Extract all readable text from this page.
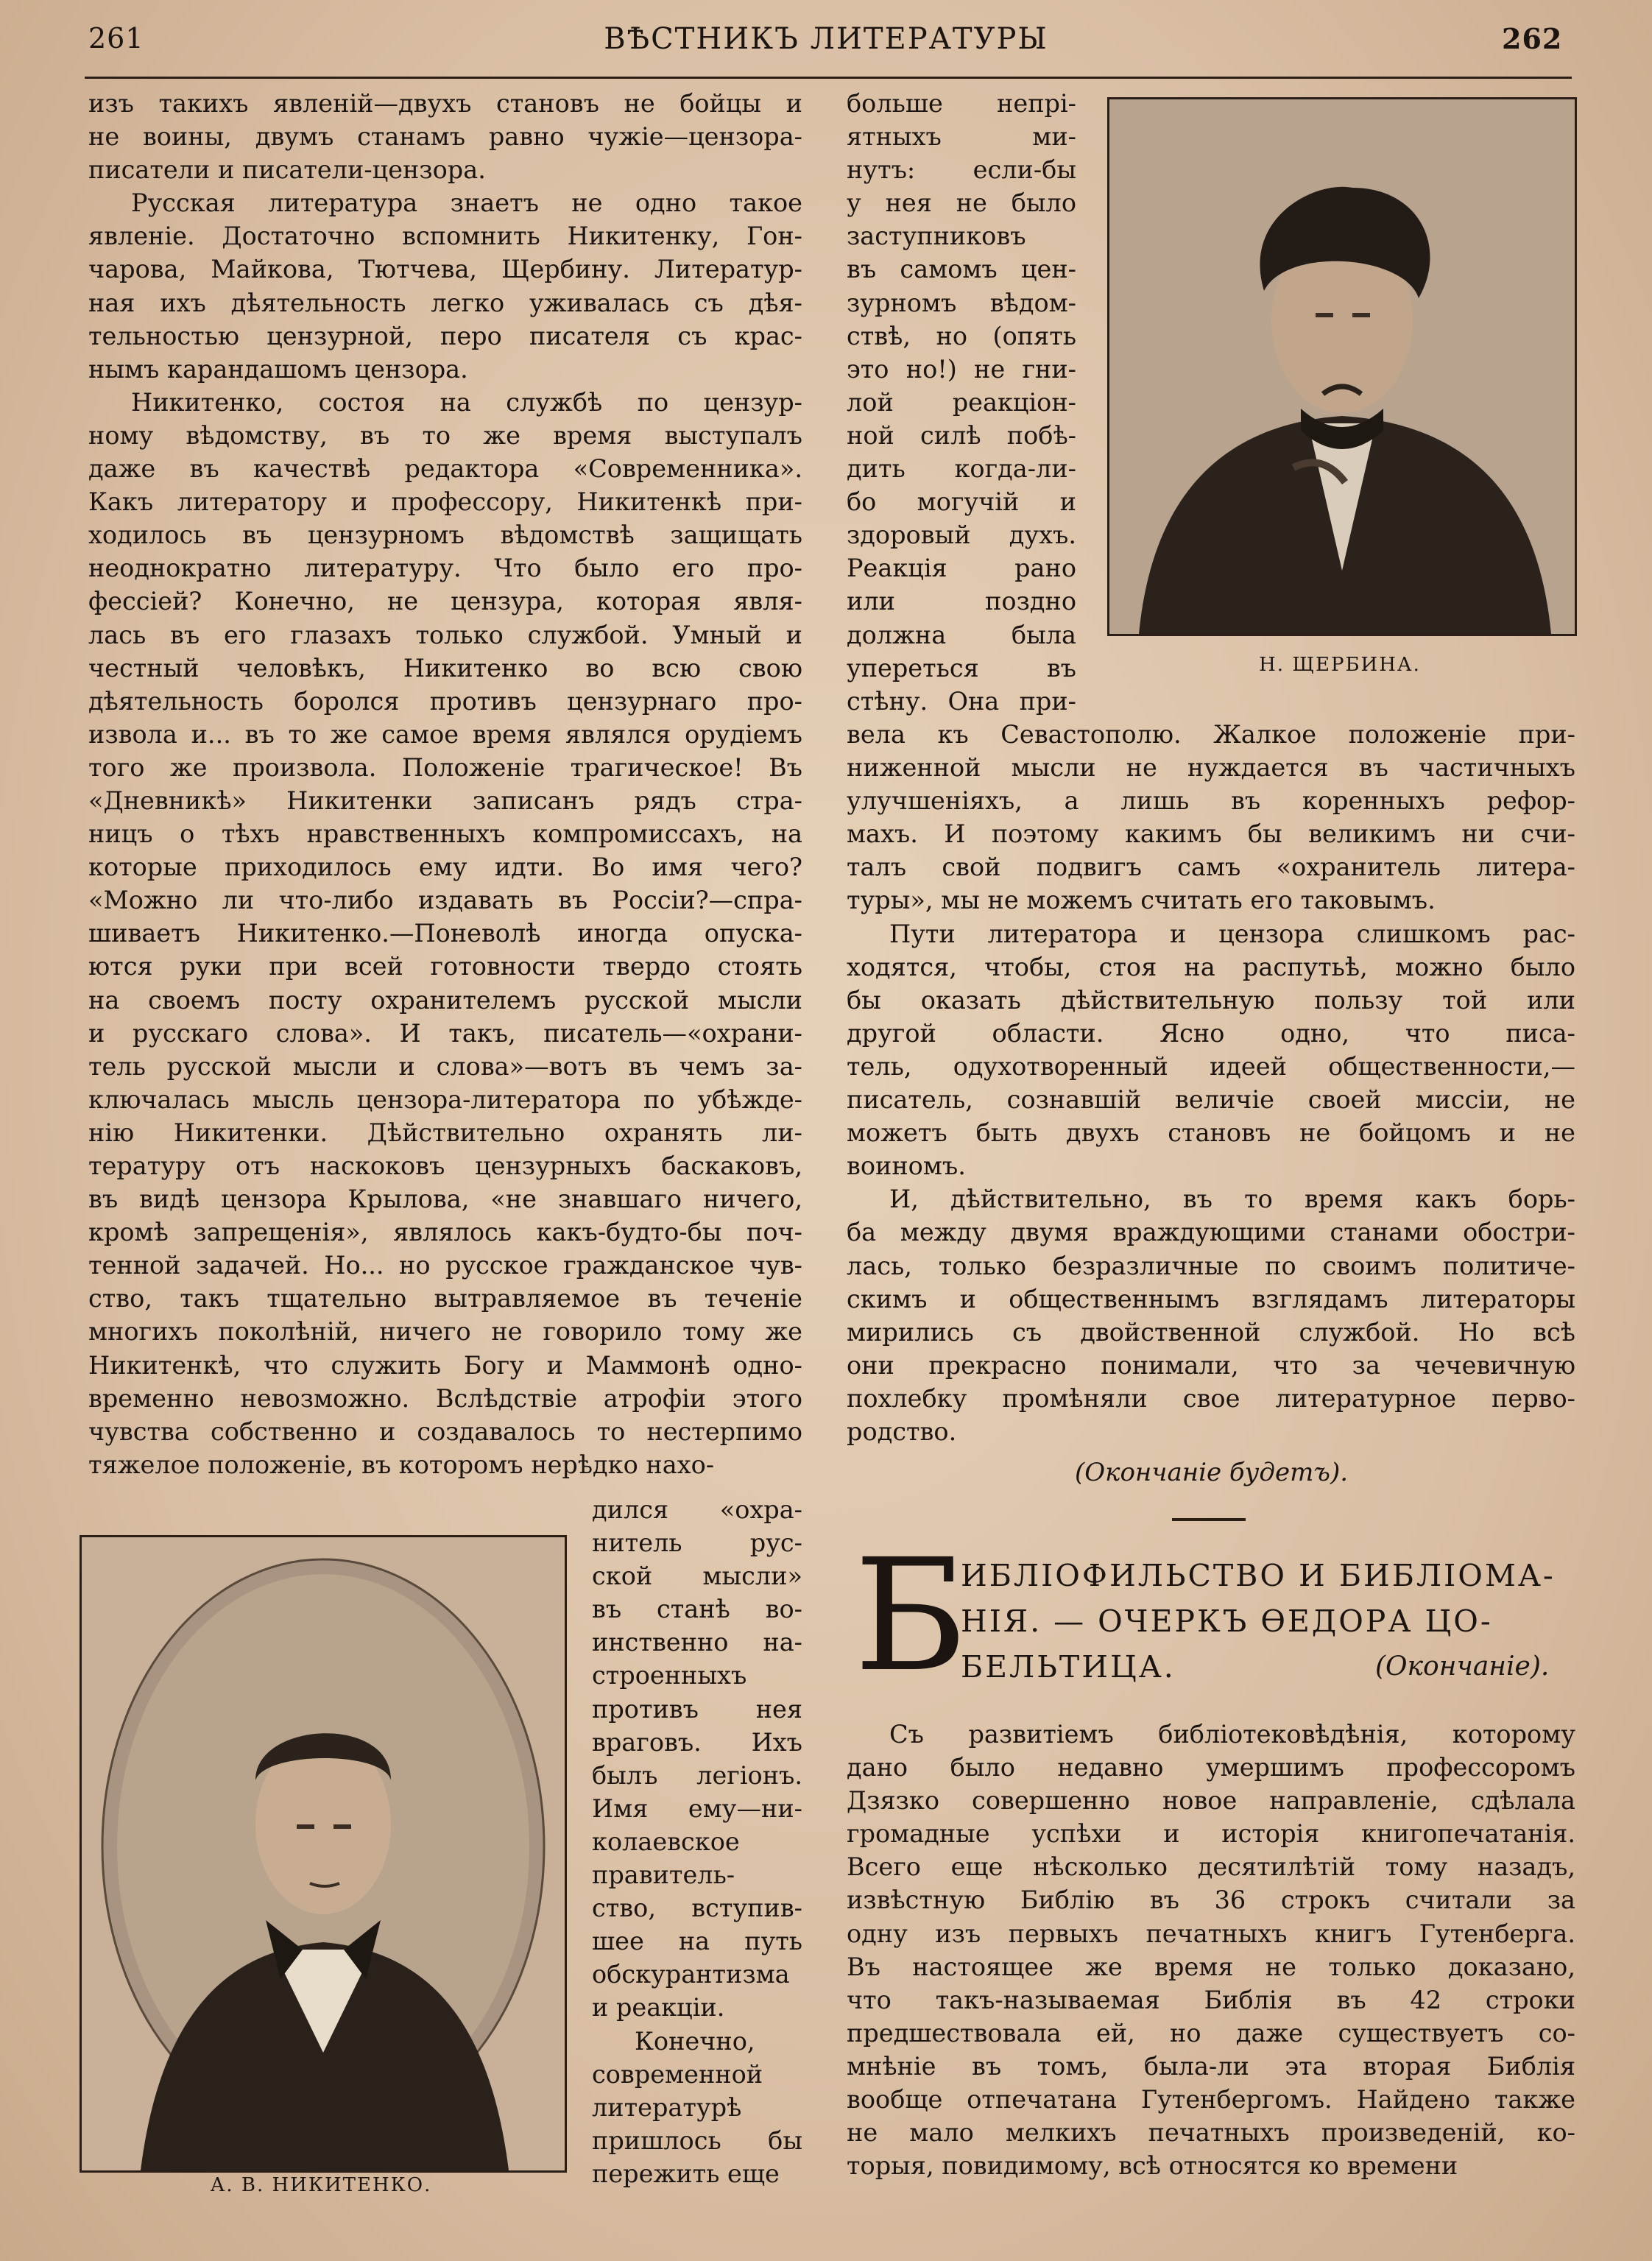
261	ВѢСТНИКЪ ЛИТЕРАТУРЫ	262
изъ такихъ явленій—двухъ становъ не бойцы и
не воины, двумъ станамъ равно чужіе—цензора-
писатели и писатели-цензора.
Русская литература знаетъ не одно такое
явленіе. Достаточно вспомнить Никитенку, Гон-
чарова, Майкова, Тютчева, Щербину. Литератур-
ная ихъ дѣятельность легко уживалась съ дѣя-
тельностью цензурной, перо писателя съ крас-
нымъ карандашомъ цензора.
Никитенко, состоя на службѣ по цензур-
ному вѣдомству, въ то же время выступалъ
даже въ качествѣ редактора «Современника».
Какъ литератору и профессору, Никитенкѣ при-
ходилось въ цензурномъ вѣдомствѣ защищать
неоднократно литературу. Что было его про-
фессіей? Конечно, не цензура, которая явля-
лась въ его глазахъ только службой. Умный и
честный человѣкъ, Никитенко во всю свою
дѣятельность боролся противъ цензурнаго про-
извола и... въ то же самое время являлся орудіемъ
того же произвола. Положеніе трагическое! Въ
«Дневникѣ» Никитенки записанъ рядъ стра-
ницъ о тѣхъ нравственныхъ компромиссахъ, на
которые приходилось ему идти. Во имя чего?
«Можно ли что-либо издавать въ Россіи?—спра-
шиваетъ Никитенко.—Поневолѣ иногда опуска-
ются руки при всей готовности твердо стоять
на своемъ посту охранителемъ русской мысли
и русскаго слова». И такъ, писатель—«охрани-
тель русской мысли и слова»—вотъ въ чемъ за-
ключалась мысль цензора-литератора по убѣжде-
нію Никитенки. Дѣйствительно охранять ли-
тературу отъ наскоковъ цензурныхъ баскаковъ,
въ видѣ цензора Крылова, «не знавшаго ничего,
кромѣ запрещенія», являлось какъ-будто-бы поч-
тенной задачей. Но... но русское гражданское чув-
ство, такъ тщательно вытравляемое въ теченіе
многихъ поколѣній, ничего не говорило тому же
Никитенкѣ, что служить Богу и Маммонѣ одно-
временно невозможно. Вслѣдствіе атрофіи этого
чувства собственно и создавалось то нестерпимо
тяжелое положеніе, въ которомъ нерѣдко нахо-
дился «охра-
нитель рус-
ской мысли»
въ станѣ во-
инственно на-
строенныхъ
противъ нея
враговъ. Ихъ
былъ легіонъ.
Имя ему—ни-
колаевское
правитель-
ство, вступив-
шее на путь
обскурантизма
и реакціи.
Конечно,
современной
литературѣ
пришлось бы
пережить еще
А. В. НИКИТЕНКО.
больше непрі-
ятныхъ ми-
нутъ: если-бы
у нея не было
заступниковъ
въ самомъ цен-
зурномъ вѣдом-
ствѣ, но (опять
это но!) не гни-
лой реакціон-
ной силѣ побѣ-
дить когда-ли-
бо могучій и
здоровый духъ.
Реакція рано
или поздно
должна была
упереться въ
стѣну. Она при-
Н. ЩЕРБИНА.
вела къ Севастополю. Жалкое положеніе при-
ниженной мысли не нуждается въ частичныхъ
улучшеніяхъ, а лишь въ коренныхъ рефор-
махъ. И поэтому какимъ бы великимъ ни счи-
талъ свой подвигъ самъ «охранитель литера-
туры», мы не можемъ считать его таковымъ.
Пути литератора и цензора слишкомъ рас-
ходятся, чтобы, стоя на распутьѣ, можно было
бы оказать дѣйствительную пользу той или
другой области. Ясно одно, что писа-
тель, одухотворенный идеей общественности,—
писатель, сознавшій величіе своей миссіи, не
можетъ быть двухъ становъ не бойцомъ и не
воиномъ.
И, дѣйствительно, въ то время какъ борь-
ба между двумя враждующими станами обостри-
лась, только безразличные по своимъ политиче-
скимъ и общественнымъ взглядамъ литераторы
мирились съ двойственной службой. Но всѣ
они прекрасно понимали, что за чечевичную
похлебку промѣняли свое литературное перво-
родство.
(Окончаніе будетъ).
Б
ИБЛІОФИЛЬСТВО И БИБЛІОМА-
НІЯ. — ОЧЕРКЪ ѲЕДОРА ЦО-
БЕЛЬТИЦА.	(Окончаніе).
Съ развитіемъ библіотековѣдѣнія, которому
дано было недавно умершимъ профессоромъ
Дзязко совершенно новое направленіе, сдѣлала
громадные успѣхи и исторія книгопечатанія.
Всего еще нѣсколько десятилѣтій тому назадъ,
извѣстную Библію въ 36 строкъ считали за
одну изъ первыхъ печатныхъ книгъ Гутенберга.
Въ настоящее же время не только доказано,
что такъ-называемая Библія въ 42 строки
предшествовала ей, но даже существуетъ со-
мнѣніе въ томъ, была-ли эта вторая Библія
вообще отпечатана Гутенбергомъ. Найдено также
не мало мелкихъ печатныхъ произведеній, ко-
торыя, повидимому, всѣ относятся ко времени
